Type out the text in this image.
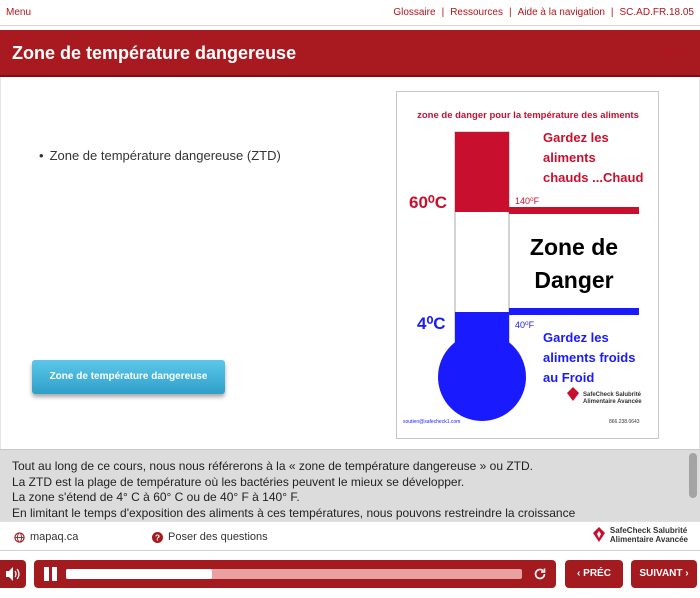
Menu	Glossaire | Ressources | Aide à la navigation | SC.AD.FR.18.05
Zone de température dangereuse
• Zone de température dangereuse (ZTD)
Zone de température dangereuse
zone de danger pour la température des aliments
Gardez les
aliments
chauds ...Chaud
60⁰C	140⁰F
Zone de
Danger
4⁰C	40⁰F
Gardez les
aliments froids
au Froid
SafeCheck Salubrité
Alimentaire Avancée
soutien@safecheck1.com	866.238.0643
#2.02
Tout au long de ce cours, nous nous référerons à la « zone de température dangereuse » ou ZTD.
La ZTD est la plage de température où les bactéries peuvent le mieux se développer.
La zone s'étend de 4° C à 60° C ou de 40° F à 140° F.
En limitant le temps d'exposition des aliments à ces températures, nous pouvons restreindre la croissance
mapaq.ca	? Poser des questions
SafeCheck Salubrité
Alimentaire Avancée
‹ PRÉC	SUIVANT ›
